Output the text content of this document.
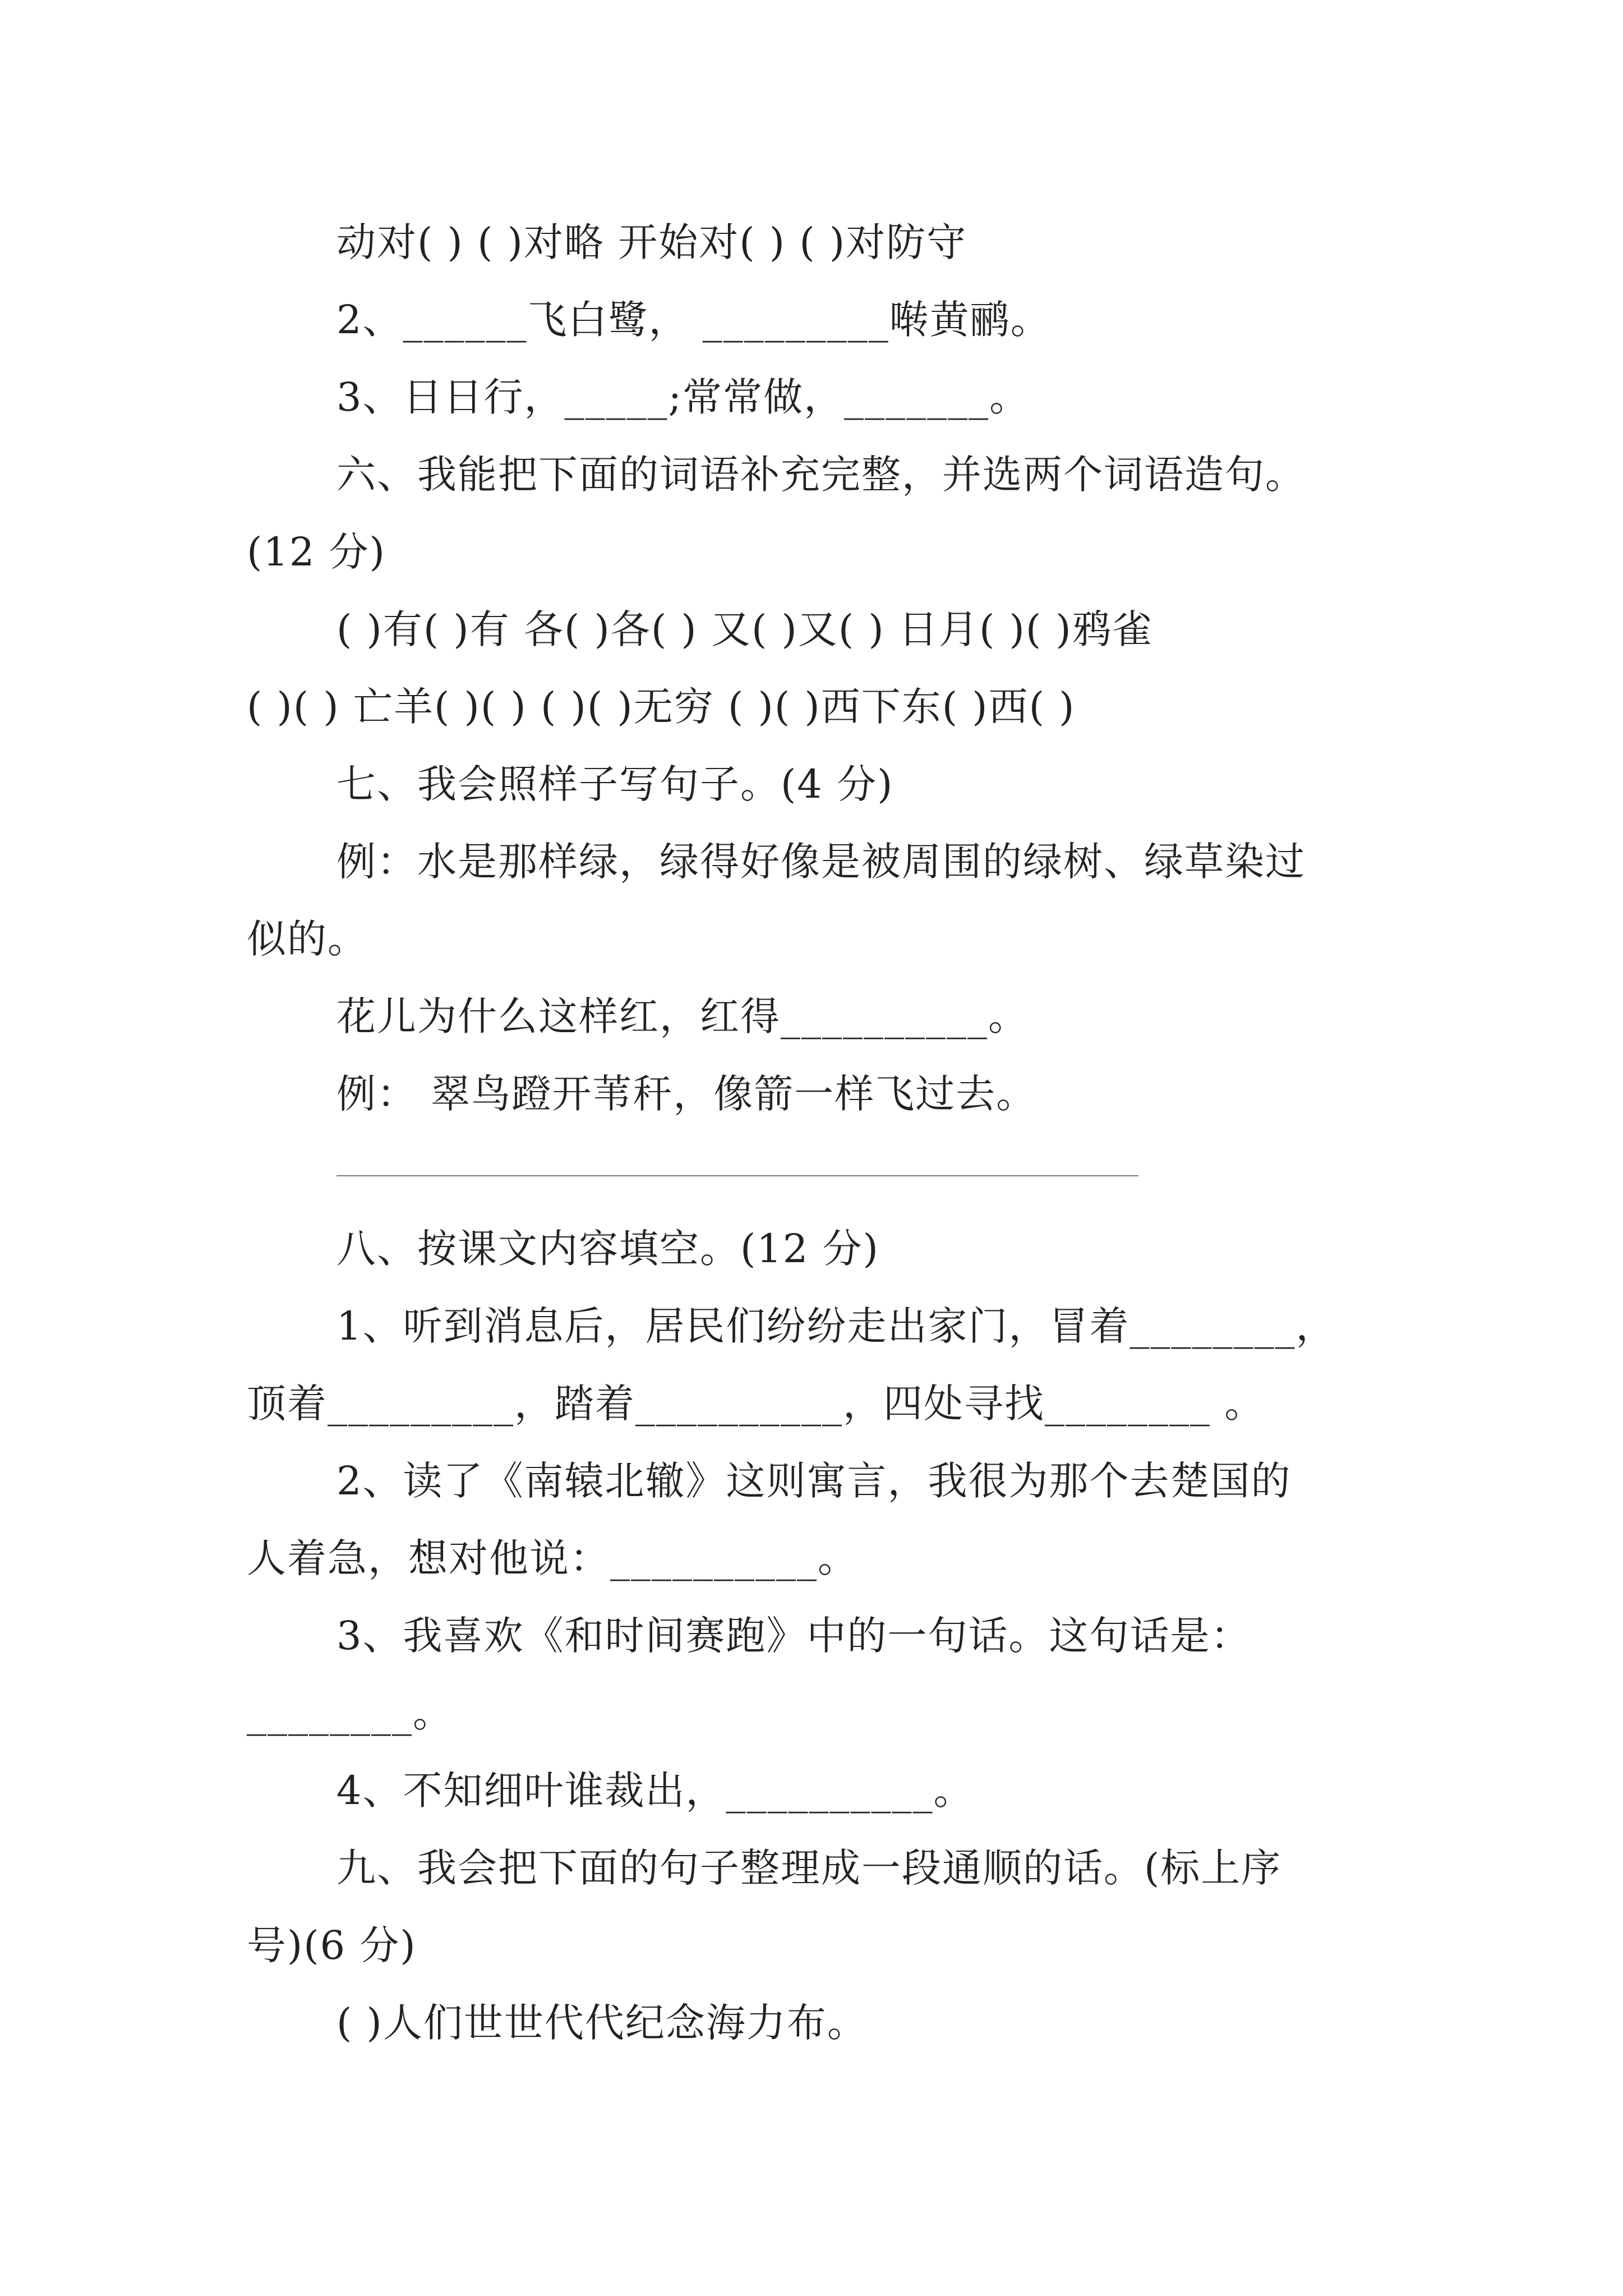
动对( ) ( )对略 开始对( ) ( )对防守
2、______飞白鹭， _________啭黄鹂。
3、日日行，_____;常常做，_______。
六、我能把下面的词语补充完整，并选两个词语造句。
(12 分)
( )有( )有 各( )各( ) 又( )又( ) 日月( )( )鸦雀
( )( ) 亡羊( )( ) ( )( )无穷 ( )( )西下东( )西( )
七、我会照样子写句子。(4 分)
例：水是那样绿，绿得好像是被周围的绿树、绿草染过
似的。
花儿为什么这样红，红得__________。
例： 翠鸟蹬开苇秆，像箭一样飞过去。
八、按课文内容填空。(12 分)
1、听到消息后，居民们纷纷走出家门，冒着________，
顶着_________，踏着__________，四处寻找________ 。
2、读了《南辕北辙》这则寓言，我很为那个去楚国的
人着急，想对他说：__________。
3、我喜欢《和时间赛跑》中的一句话。这句话是：
________。
4、不知细叶谁裁出，__________。
九、我会把下面的句子整理成一段通顺的话。(标上序
号)(6 分)
( )人们世世代代纪念海力布。
